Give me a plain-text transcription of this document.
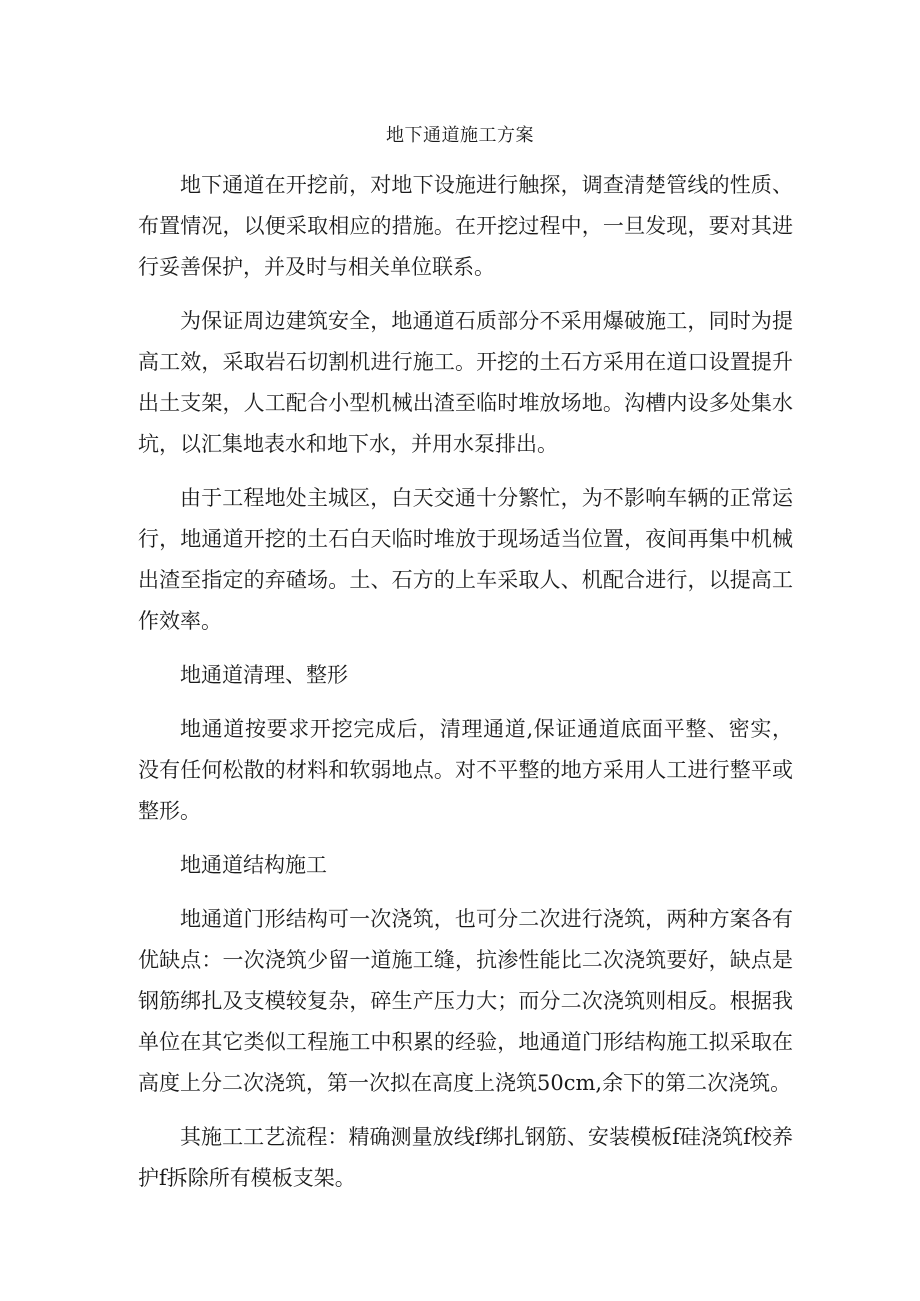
地下通道施工方案

地下通道在开挖前，对地下设施进行触探，调查清楚管线的性质、布置情况，以便采取相应的措施。在开挖过程中，一旦发现，要对其进行妥善保护，并及时与相关单位联系。

为保证周边建筑安全，地通道石质部分不采用爆破施工，同时为提高工效，采取岩石切割机进行施工。开挖的土石方采用在道口设置提升出土支架，人工配合小型机械出渣至临时堆放场地。沟槽内设多处集水坑，以汇集地表水和地下水，并用水泵排出。

由于工程地处主城区，白天交通十分繁忙，为不影响车辆的正常运行，地通道开挖的土石白天临时堆放于现场适当位置，夜间再集中机械出渣至指定的弃碴场。土、石方的上车采取人、机配合进行，以提高工作效率。

地通道清理、整形

地通道按要求开挖完成后，清理通道,保证通道底面平整、密实，没有任何松散的材料和软弱地点。对不平整的地方采用人工进行整平或整形。

地通道结构施工

地通道门形结构可一次浇筑，也可分二次进行浇筑，两种方案各有优缺点：一次浇筑少留一道施工缝，抗渗性能比二次浇筑要好，缺点是钢筋绑扎及支模较复杂，碎生产压力大；而分二次浇筑则相反。根据我单位在其它类似工程施工中积累的经验，地通道门形结构施工拟采取在高度上分二次浇筑，第一次拟在高度上浇筑50cm,余下的第二次浇筑。

其施工工艺流程：精确测量放线f绑扎钢筋、安装模板f硅浇筑f校养护f拆除所有模板支架。
